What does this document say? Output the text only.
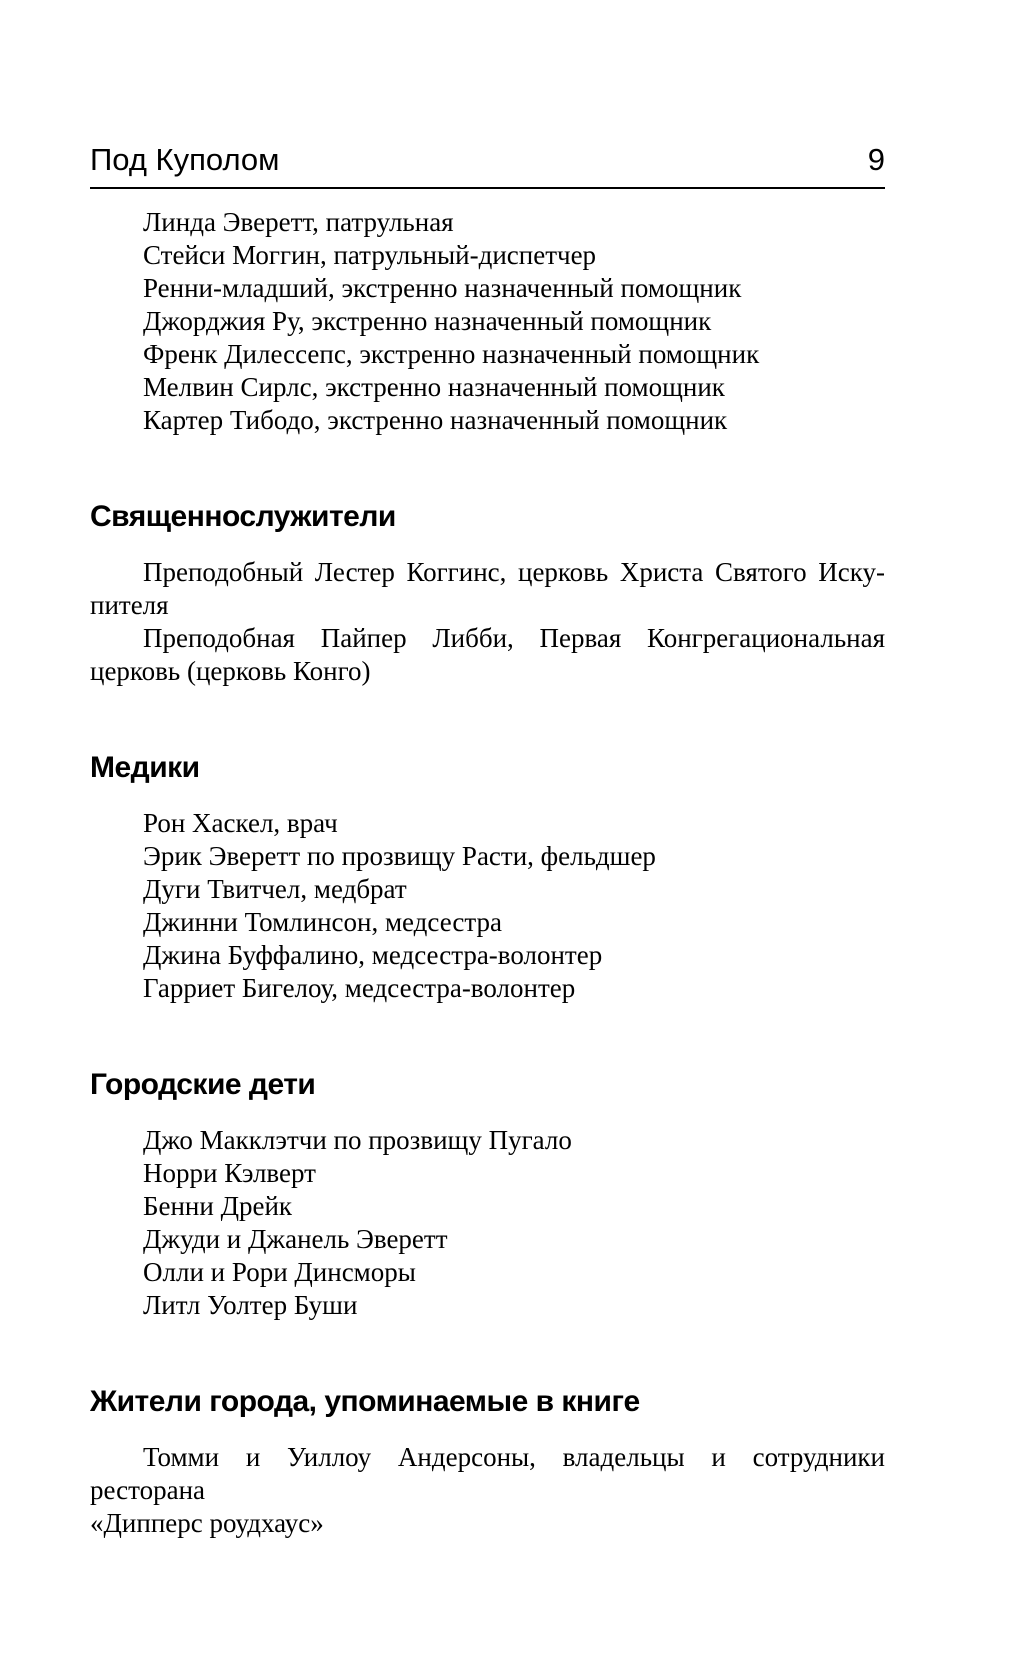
Под Куполом	9
Линда Эверетт, патрульная
Стейси Моггин, патрульный-диспетчер
Ренни-младший, экстренно назначенный помощник
Джорджия Ру, экстренно назначенный помощник
Френк Дилессепс, экстренно назначенный помощник
Мелвин Сирлс, экстренно назначенный помощник
Картер Тибодо, экстренно назначенный помощник
Священнослужители
Преподобный Лестер Коггинс, церковь Христа Святого Иску-
пителя
Преподобная Пайпер Либби, Первая Конгрегациональная
церковь (церковь Конго)
Медики
Рон Хаскел, врач
Эрик Эверетт по прозвищу Расти, фельдшер
Дуги Твитчел, медбрат
Джинни Томлинсон, медсестра
Джина Буффалино, медсестра-волонтер
Гарриет Бигелоу, медсестра-волонтер
Городские дети
Джо Макклэтчи по прозвищу Пугало
Норри Кэлверт
Бенни Дрейк
Джуди и Джанель Эверетт
Олли и Рори Динсморы
Литл Уолтер Буши
Жители города, упоминаемые в книге
Томми и Уиллоу Андерсоны, владельцы и сотрудники ресторана
«Дипперс роудхаус»
